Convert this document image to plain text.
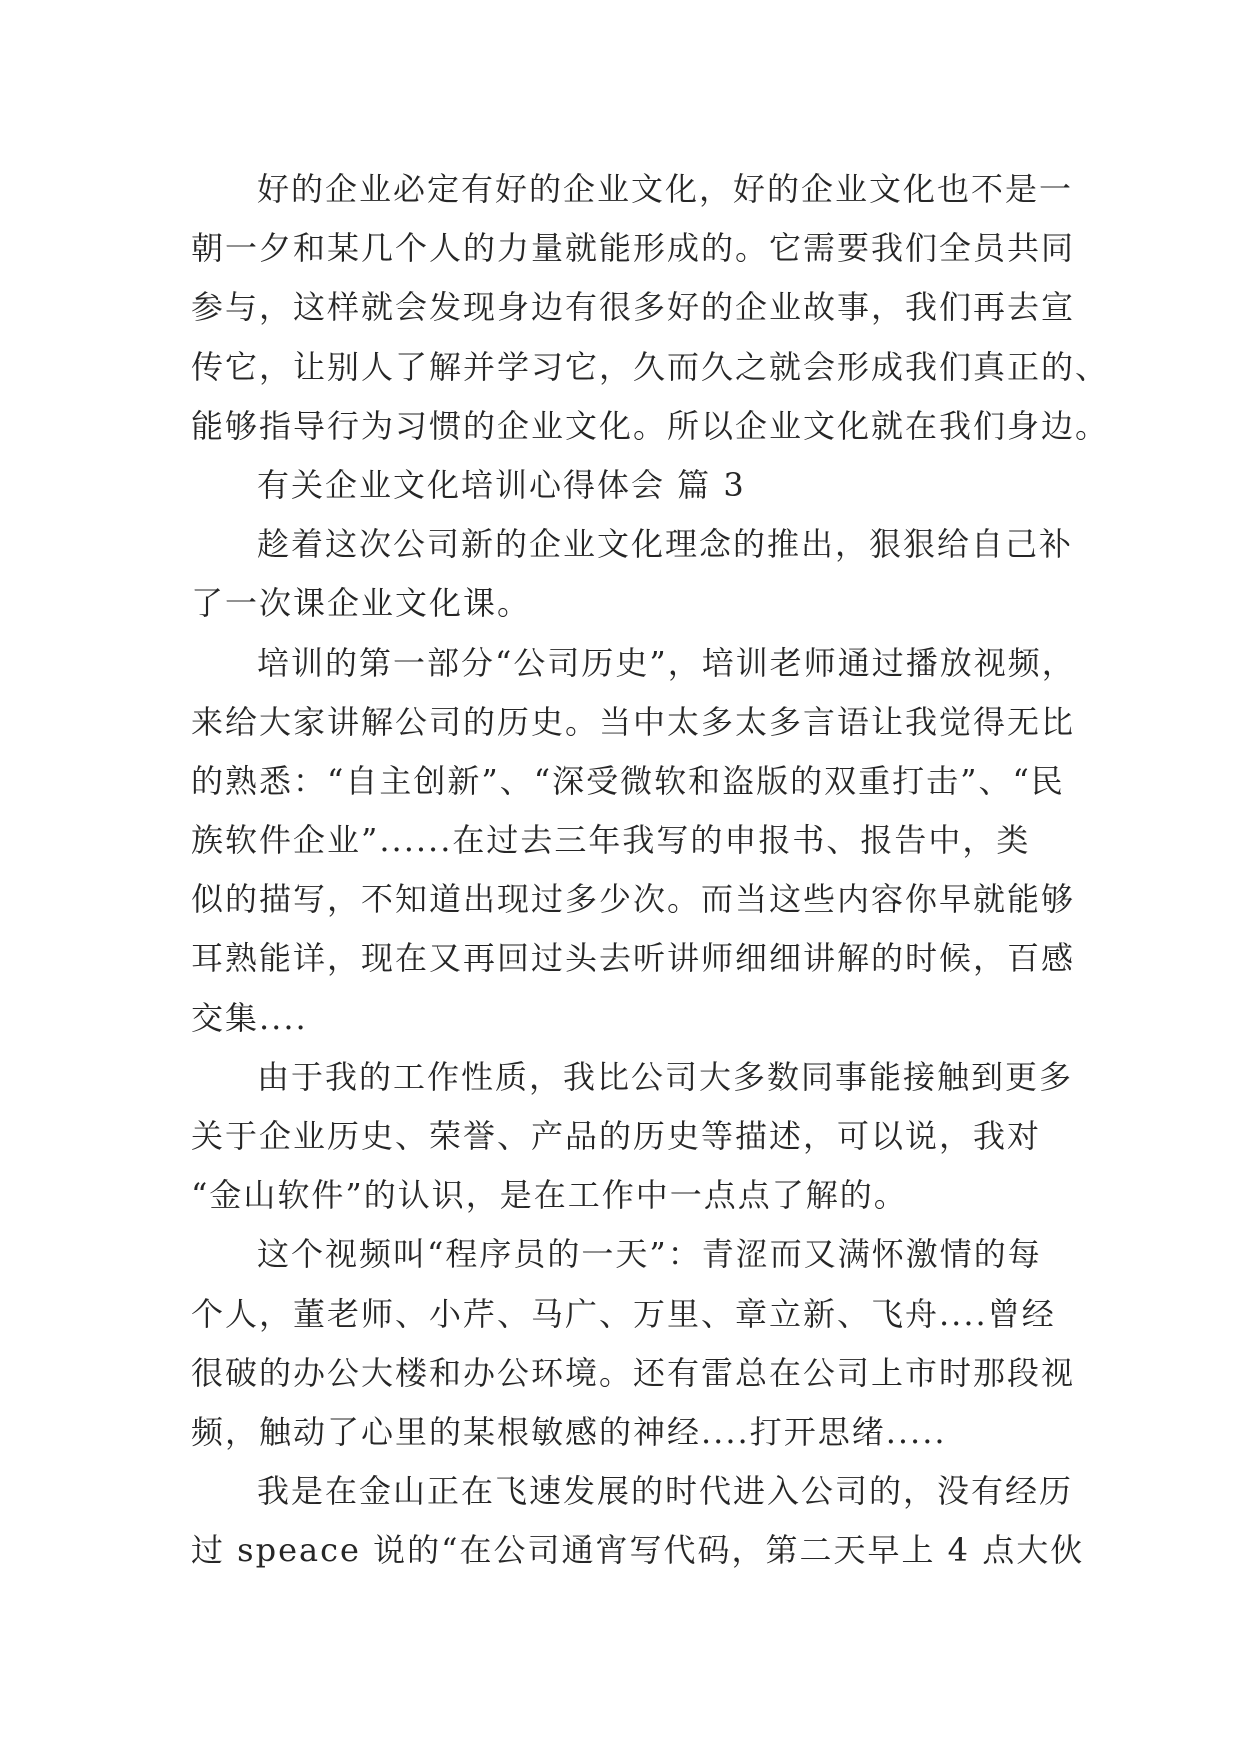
好的企业必定有好的企业文化，好的企业文化也不是一
朝一夕和某几个人的力量就能形成的。它需要我们全员共同
参与，这样就会发现身边有很多好的企业故事，我们再去宣
传它，让别人了解并学习它，久而久之就会形成我们真正的、
能够指导行为习惯的企业文化。所以企业文化就在我们身边。
有关企业文化培训心得体会 篇 3
趁着这次公司新的企业文化理念的推出，狠狠给自己补
了一次课企业文化课。
培训的第一部分“公司历史”，培训老师通过播放视频，
来给大家讲解公司的历史。当中太多太多言语让我觉得无比
的熟悉：“自主创新”、“深受微软和盗版的双重打击”、“民
族软件企业”......在过去三年我写的申报书、报告中，类
似的描写，不知道出现过多少次。而当这些内容你早就能够
耳熟能详，现在又再回过头去听讲师细细讲解的时候，百感
交集....
由于我的工作性质，我比公司大多数同事能接触到更多
关于企业历史、荣誉、产品的历史等描述，可以说，我对
“金山软件”的认识，是在工作中一点点了解的。
这个视频叫“程序员的一天”：青涩而又满怀激情的每
个人，董老师、小芹、马广、万里、章立新、飞舟....曾经
很破的办公大楼和办公环境。还有雷总在公司上市时那段视
频，触动了心里的某根敏感的神经....打开思绪.....
我是在金山正在飞速发展的时代进入公司的，没有经历
过 speace 说的“在公司通宵写代码，第二天早上 4 点大伙
